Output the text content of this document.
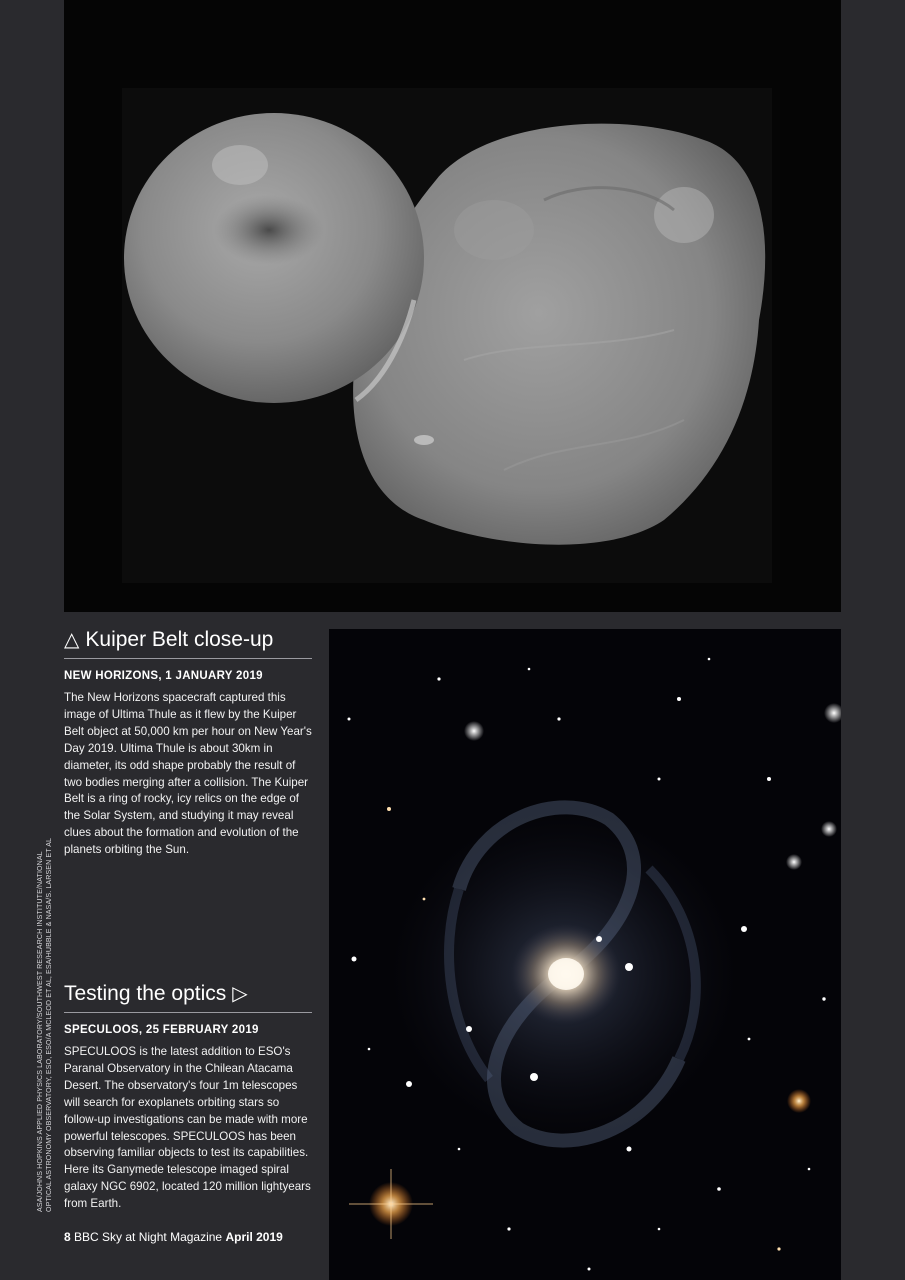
△ Kuiper Belt close-up
NEW HORIZONS, 1 JANUARY 2019

The New Horizons spacecraft captured this image of Ultima Thule as it flew by the Kuiper Belt object at 50,000 km per hour on New Year's Day 2019. Ultima Thule is about 30km in diameter, its odd shape probably the result of two bodies merging after a collision. The Kuiper Belt is a ring of rocky, icy relics on the edge of the Solar System, and studying it may reveal clues about the formation and evolution of the planets orbiting the Sun.

Testing the optics ▷
SPECULOOS, 25 FEBRUARY 2019

SPECULOOS is the latest addition to ESO's Paranal Observatory in the Chilean Atacama Desert. The observatory's four 1m telescopes will search for exoplanets orbiting stars so follow-up investigations can be made with more powerful telescopes. SPECULOOS has been observing familiar objects to test its capabilities. Here its Ganymede telescope imaged spiral galaxy NGC 6902, located 120 million lightyears from Earth.

ASA/JOHNS HOPKINS APPLIED PHYSICS LABORATORY/SOUTHWEST RESEARCH INSTITUTE/NATIONAL OPTICAL ASTRONOMY OBSERVATORY, ESO, ESO/A MCLEOD ET AL, ESA/HUBBLE & NASA/S. LARSEN ET AL
8 BBC Sky at Night Magazine April 2019
